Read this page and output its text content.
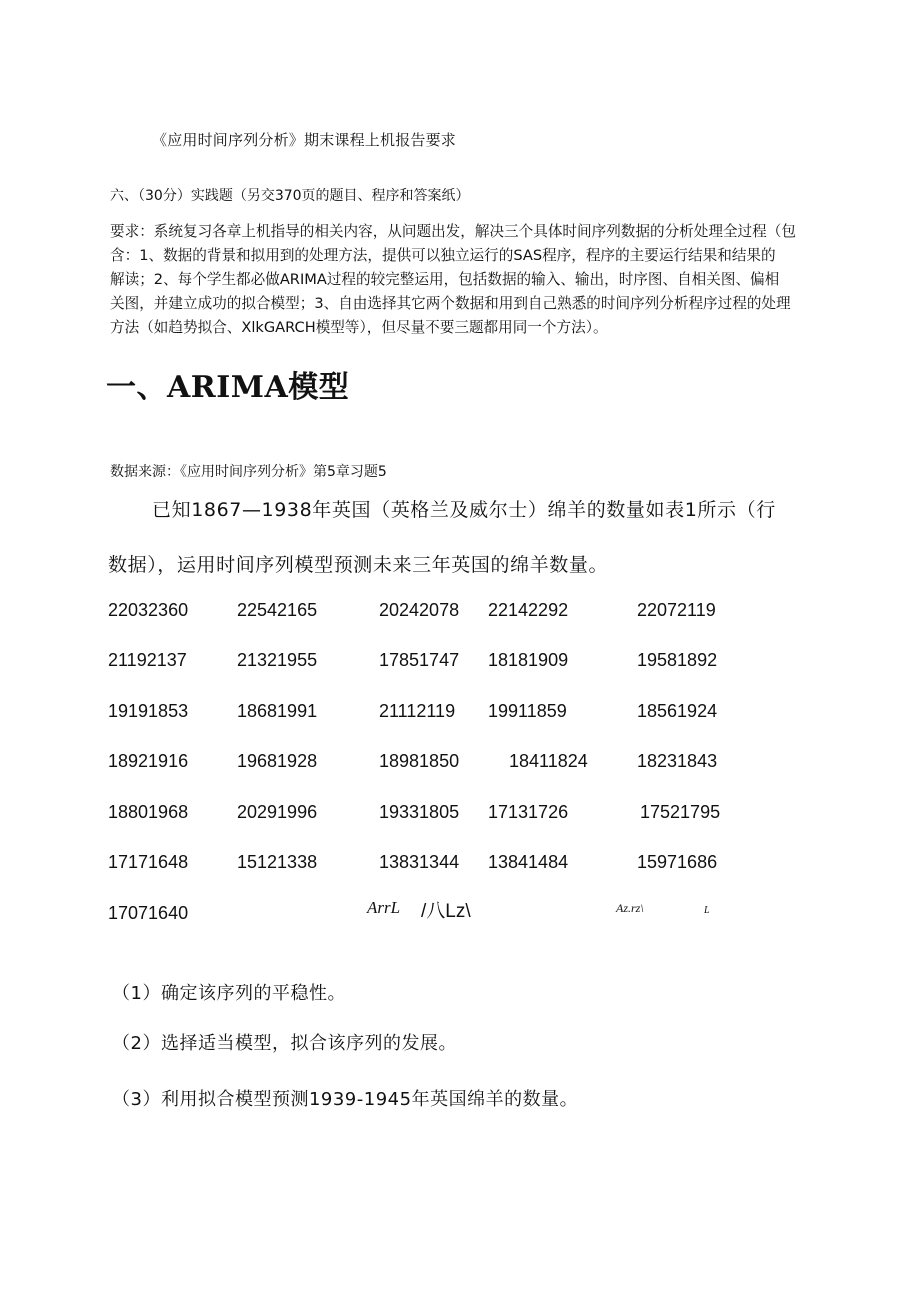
《应用时间序列分析》期末课程上机报告要求
六、（30分）实践题（另交370页的题目、程序和答案纸）
要求：系统复习各章上机指导的相关内容，从问题出发，解决三个具体时间序列数据的分析处理全过程（包
含：1、数据的背景和拟用到的处理方法，提供可以独立运行的SAS程序，程序的主要运行结果和结果的
解读；2、每个学生都必做ARIMA过程的较完整运用，包括数据的输入、输出，时序图、自相关图、偏相
关图，并建立成功的拟合模型；3、自由选择其它两个数据和用到自己熟悉的时间序列分析程序过程的处理
方法（如趋势拟合、XlkGARCH模型等），但尽量不要三题都用同一个方法）。
一、ARIMA模型
数据来源：《应用时间序列分析》第5章习题5
已知1867—1938年英国（英格兰及威尔士）绵羊的数量如表1所示（行
数据），运用时间序列模型预测未来三年英国的绵羊数量。
22032360	22542165	20242078 22142292	22072119
21192137	21321955	17851747 18181909	19581892
19191853	18681991	21112119 19911859	18561924
18921916	19681928	18981850	18411824	18231843
18801968	20291996	19331805 17131726	17521795
17171648	15121338	13831344 13841484	15971686
17071640	ArrL /八Lz\	Az.rz\	L
（1）确定该序列的平稳性。
（2）选择适当模型，拟合该序列的发展。
（3）利用拟合模型预测1939-1945年英国绵羊的数量。
